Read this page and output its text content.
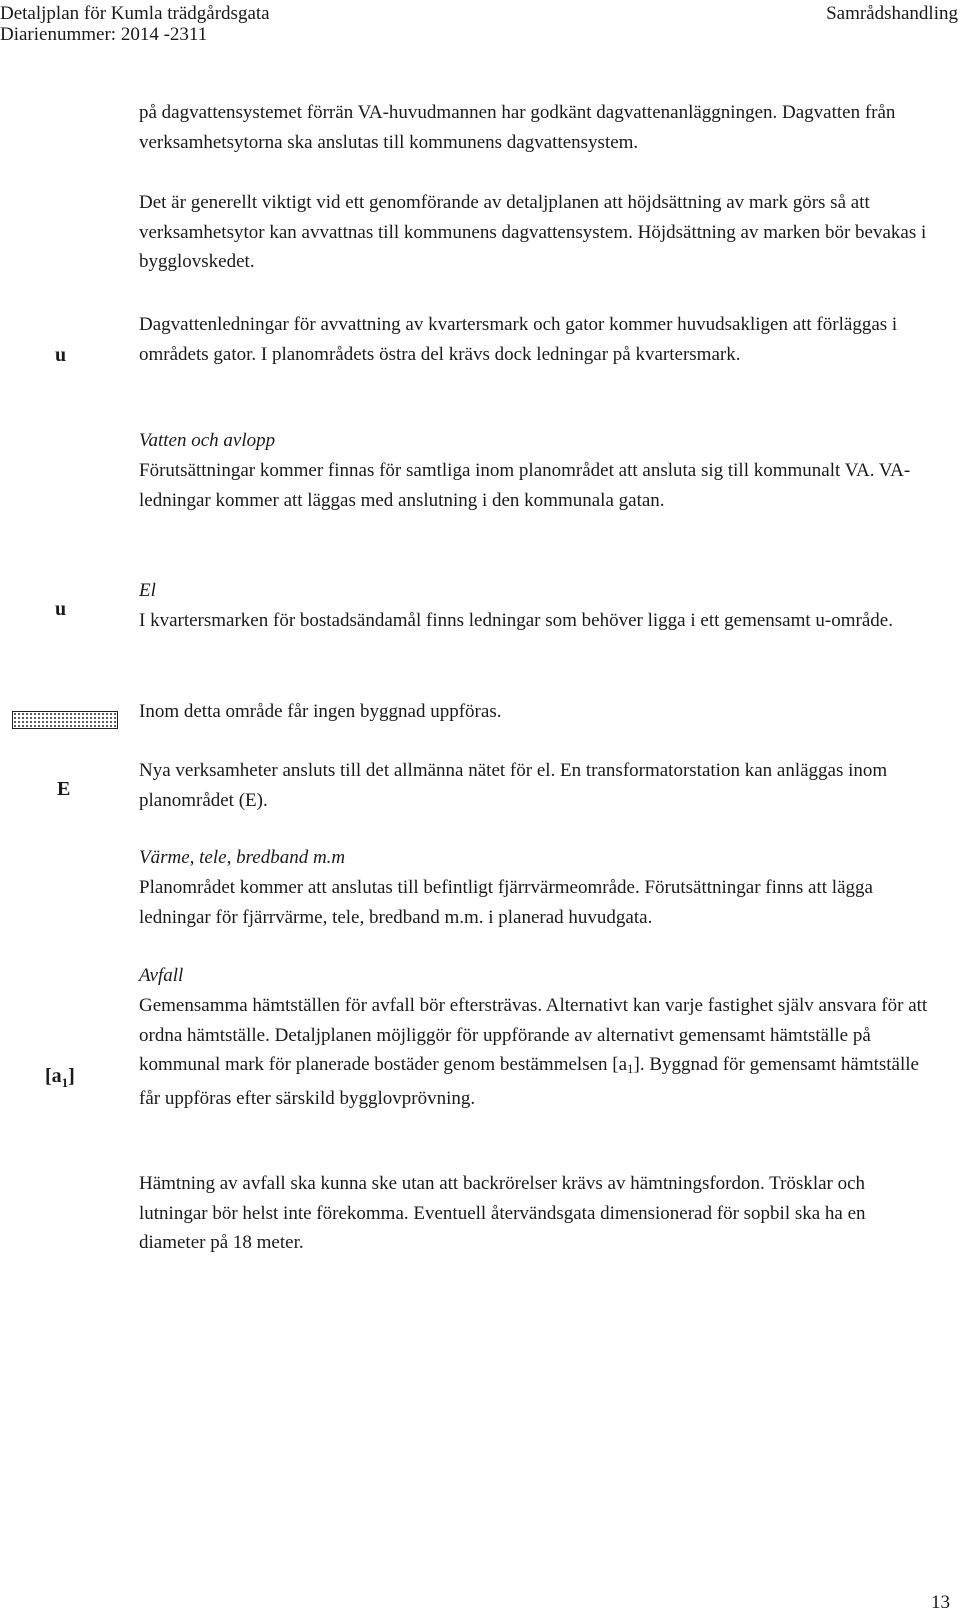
Detaljplan för Kumla trädgårdsgata
Diarienummer: 2014 -2311
Samrådshandling

på dagvattensystemet förrän VA-huvudmannen har godkänt dagvattenanläggningen. Dagvatten från verksamhetsytorna ska anslutas till kommunens dagvattensystem.

Det är generellt viktigt vid ett genomförande av detaljplanen att höjdsättning av mark görs så att verksamhetsytor kan avvattnas till kommunens dagvattensystem. Höjdsättning av marken bör bevakas i bygglovskedet.

u

Dagvattenledningar för avvattning av kvartersmark och gator kommer huvudsakligen att förläggas i områdets gator. I planområdets östra del krävs dock ledningar på kvartersmark.

Vatten och avlopp

Förutsättningar kommer finnas för samtliga inom planområdet att ansluta sig till kommunalt VA. VA-ledningar kommer att läggas med anslutning i den kommunala gatan.

u

El

I kvartersmarken för bostadsändamål finns ledningar som behöver ligga i ett gemensamt u-område.

Inom detta område får ingen byggnad uppföras.

E

Nya verksamheter ansluts till det allmänna nätet för el. En transformatorstation kan anläggas inom planområdet (E).

Värme, tele, bredband m.m

Planområdet kommer att anslutas till befintligt fjärrvärmeområde. Förutsättningar finns att lägga ledningar för fjärrvärme, tele, bredband m.m. i planerad huvudgata.

$[a_1]$

Avfall

Gemensamma hämtställen för avfall bör eftersträvas. Alternativt kan varje fastighet själv ansvara för att ordna hämtställe. Detaljplanen möjliggör för uppförande av alternativt gemensamt hämtställe på kommunal mark för planerade bostäder genom bestämmelsen [a1]. Byggnad för gemensamt hämtställe får uppföras efter särskild bygglovprövning.

Hämtning av avfall ska kunna ske utan att backrörelser krävs av hämtningsfordon. Trösklar och lutningar bör helst inte förekomma. Eventuell återvändsgata dimensionerad för sopbil ska ha en diameter på 18 meter.

13
